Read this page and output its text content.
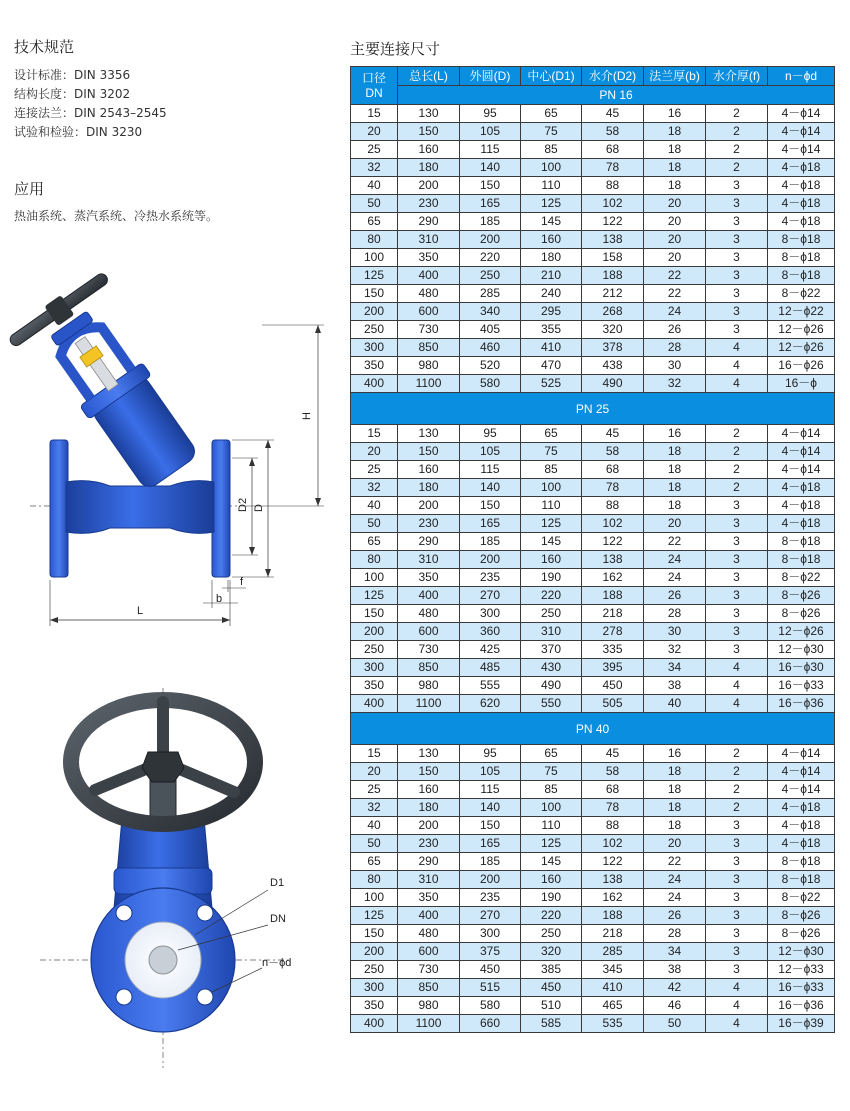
技术规范
设计标准：DIN 3356
结构长度：DIN 3202
连接法兰：DIN 2543–2545
试验和检验：DIN 3230
应用
热油系统、蒸汽系统、冷热水系统等。
H
D2 D
L
b
f
D1
DN
n－ϕd
主要连接尺寸
口径
DN	总长(L)	外圆(D)	中心(D1)	水介(D2)	法兰厚(b)	水介厚(f)	n－ϕd
	PN 16						
15	130	95	65	45	16	2	4－ϕ14
20	150	105	75	58	18	2	4－ϕ14
25	160	115	85	68	18	2	4－ϕ14
32	180	140	100	78	18	2	4－ϕ18
40	200	150	110	88	18	3	4－ϕ18
50	230	165	125	102	20	3	4－ϕ18
65	290	185	145	122	20	3	4－ϕ18
80	310	200	160	138	20	3	8－ϕ18
100	350	220	180	158	20	3	8－ϕ18
125	400	250	210	188	22	3	8－ϕ18
150	480	285	240	212	22	3	8－ϕ22
200	600	340	295	268	24	3	12－ϕ22
250	730	405	355	320	26	3	12－ϕ26
300	850	460	410	378	28	4	12－ϕ26
350	980	520	470	438	30	4	16－ϕ26
400	1100	580	525	490	32	4	16－ϕ
PN 25							
15	130	95	65	45	16	2	4－ϕ14
20	150	105	75	58	18	2	4－ϕ14
25	160	115	85	68	18	2	4－ϕ14
32	180	140	100	78	18	2	4－ϕ18
40	200	150	110	88	18	3	4－ϕ18
50	230	165	125	102	20	3	4－ϕ18
65	290	185	145	122	22	3	8－ϕ18
80	310	200	160	138	24	3	8－ϕ18
100	350	235	190	162	24	3	8－ϕ22
125	400	270	220	188	26	3	8－ϕ26
150	480	300	250	218	28	3	8－ϕ26
200	600	360	310	278	30	3	12－ϕ26
250	730	425	370	335	32	3	12－ϕ30
300	850	485	430	395	34	4	16－ϕ30
350	980	555	490	450	38	4	16－ϕ33
400	1100	620	550	505	40	4	16－ϕ36
PN 40							
15	130	95	65	45	16	2	4－ϕ14
20	150	105	75	58	18	2	4－ϕ14
25	160	115	85	68	18	2	4－ϕ14
32	180	140	100	78	18	2	4－ϕ18
40	200	150	110	88	18	3	4－ϕ18
50	230	165	125	102	20	3	4－ϕ18
65	290	185	145	122	22	3	8－ϕ18
80	310	200	160	138	24	3	8－ϕ18
100	350	235	190	162	24	3	8－ϕ22
125	400	270	220	188	26	3	8－ϕ26
150	480	300	250	218	28	3	8－ϕ26
200	600	375	320	285	34	3	12－ϕ30
250	730	450	385	345	38	3	12－ϕ33
300	850	515	450	410	42	4	16－ϕ33
350	980	580	510	465	46	4	16－ϕ36
400	1100	660	585	535	50	4	16－ϕ39
